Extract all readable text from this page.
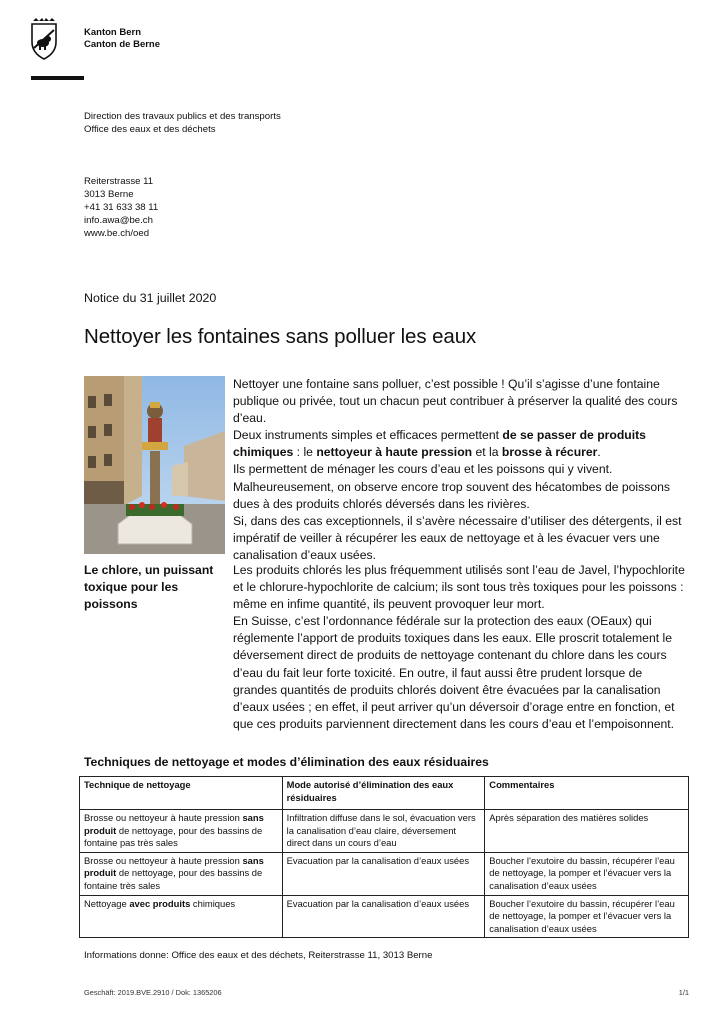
Kanton Bern
Canton de Berne
Direction des travaux publics et des transports
Office des eaux et des déchets
Reiterstrasse 11
3013 Berne
+41 31 633 38 11
info.awa@be.ch
www.be.ch/oed
Notice du 31 juillet 2020
Nettoyer les fontaines sans polluer les eaux
Nettoyer une fontaine sans polluer, c’est possible ! Qu’il s’agisse d’une fontaine publique ou privée, tout un chacun peut contribuer à préserver la qualité des cours d’eau.
Deux instruments simples et efficaces permettent de se passer de produits chimiques : le nettoyeur à haute pression et la brosse à récurer.
Ils permettent de ménager les cours d’eau et les poissons qui y vivent. Malheureusement, on observe encore trop souvent des hécatombes de poissons dues à des produits chlorés déversés dans les rivières.
Si, dans des cas exceptionnels, il s’avère nécessaire d’utiliser des détergents, il est impératif de veiller à récupérer les eaux de nettoyage et à les évacuer vers une canalisation d’eaux usées.
Le chlore, un puissant toxique pour les poissons
Les produits chlorés les plus fréquemment utilisés sont l’eau de Javel, l’hypochlorite et le chlorure-hypochlorite de calcium; ils sont tous très toxiques pour les poissons : même en infime quantité, ils peuvent provoquer leur mort.
En Suisse, c’est l’ordonnance fédérale sur la protection des eaux (OEaux) qui réglemente l’apport de produits toxiques dans les eaux. Elle proscrit totalement le déversement direct de produits de nettoyage contenant du chlore dans les cours d’eau du fait leur forte toxicité. En outre, il faut aussi être prudent lorsque de grandes quantités de produits chlorés doivent être évacuées par la canalisation d’eaux usées ; en effet, il peut arriver qu’un déversoir d’orage entre en fonction, et que ces produits parviennent directement dans les cours d’eau et l’empoisonnent.
Techniques de nettoyage et modes d’élimination des eaux résiduaires
Technique de nettoyage	Mode autorisé d’élimination des eaux résiduaires	Commentaires
Brosse ou nettoyeur à haute pression sans produit de nettoyage, pour des bassins de fontaine pas très sales	Infiltration diffuse dans le sol, évacuation vers la canalisation d’eau claire, déversement direct dans un cours d’eau	Après séparation des matières solides
Brosse ou nettoyeur à haute pression sans produit de nettoyage, pour des bassins de fontaine très sales	Evacuation par la canalisation d’eaux usées	Boucher l’exutoire du bassin, récupérer l’eau de nettoyage, la pomper et l’évacuer vers la canalisation d’eaux usées
Nettoyage avec produits chimiques	Evacuation par la canalisation d’eaux usées	Boucher l’exutoire du bassin, récupérer l’eau de nettoyage, la pomper et l’évacuer vers la canalisation d’eaux usées
Informations donne: Office des eaux et des déchets, Reiterstrasse 11, 3013 Berne
Geschäft: 2019.BVE.2910 / Dok: 1365206	1/1
